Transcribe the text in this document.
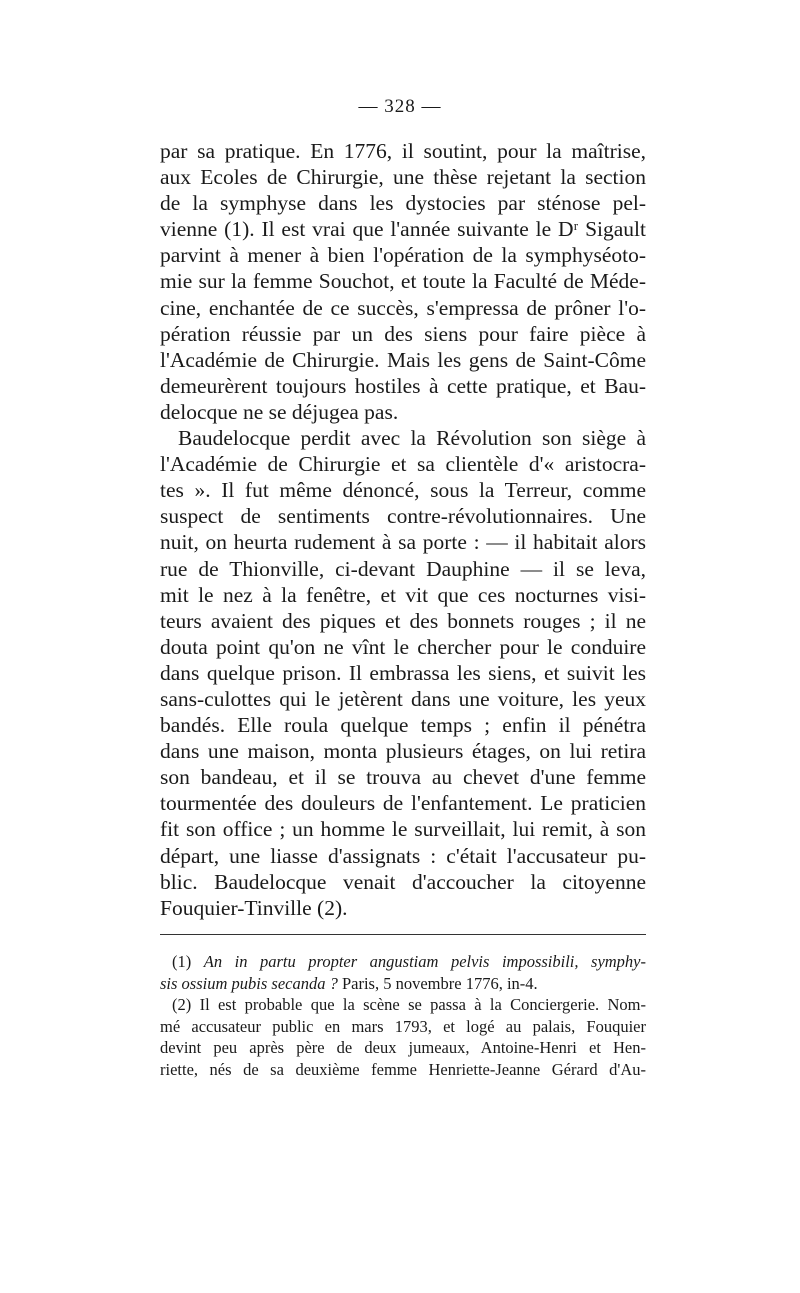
— 328 —
par sa pratique. En 1776, il soutint, pour la maîtrise,
aux Ecoles de Chirurgie, une thèse rejetant la section
de la symphyse dans les dystocies par sténose pel-
vienne (1). Il est vrai que l'année suivante le Dʳ Sigault
parvint à mener à bien l'opération de la symphyséoto-
mie sur la femme Souchot, et toute la Faculté de Méde-
cine, enchantée de ce succès, s'empressa de prôner l'o-
pération réussie par un des siens pour faire pièce à
l'Académie de Chirurgie. Mais les gens de Saint-Côme
demeurèrent toujours hostiles à cette pratique, et Bau-
delocque ne se déjugea pas.
Baudelocque perdit avec la Révolution son siège à
l'Académie de Chirurgie et sa clientèle d'« aristocra-
tes ». Il fut même dénoncé, sous la Terreur, comme
suspect de sentiments contre-révolutionnaires. Une
nuit, on heurta rudement à sa porte : — il habitait alors
rue de Thionville, ci-devant Dauphine — il se leva,
mit le nez à la fenêtre, et vit que ces nocturnes visi-
teurs avaient des piques et des bonnets rouges ; il ne
douta point qu'on ne vînt le chercher pour le conduire
dans quelque prison. Il embrassa les siens, et suivit les
sans-culottes qui le jetèrent dans une voiture, les yeux
bandés. Elle roula quelque temps ; enfin il pénétra
dans une maison, monta plusieurs étages, on lui retira
son bandeau, et il se trouva au chevet d'une femme
tourmentée des douleurs de l'enfantement. Le praticien
fit son office ; un homme le surveillait, lui remit, à son
départ, une liasse d'assignats : c'était l'accusateur pu-
blic. Baudelocque venait d'accoucher la citoyenne
Fouquier-Tinville (2).
(1) An in partu propter angustiam pelvis impossibili, symphy-
sis ossium pubis secanda ? Paris, 5 novembre 1776, in-4.
(2) Il est probable que la scène se passa à la Conciergerie. Nom-
mé accusateur public en mars 1793, et logé au palais, Fouquier
devint peu après père de deux jumeaux, Antoine-Henri et Hen-
riette, nés de sa deuxième femme Henriette-Jeanne Gérard d'Au-
